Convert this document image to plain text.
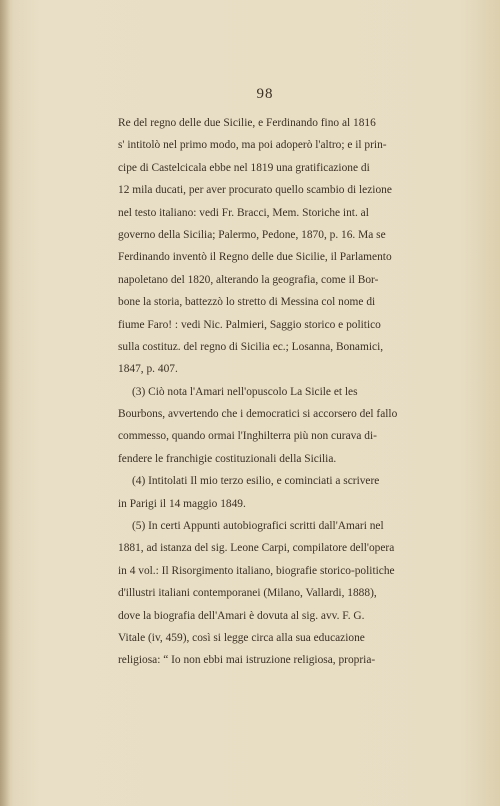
98
Re del regno delle due Sicilie, e Ferdinando fino al 1816
s' intitolò nel primo modo, ma poi adoperò l'altro; e il prin-
cipe di Castelcicala ebbe nel 1819 una gratificazione di
12 mila ducati, per aver procurato quello scambio di lezione
nel testo italiano: vedi Fr. Bracci, Mem. Storiche int. al
governo della Sicilia; Palermo, Pedone, 1870, p. 16. Ma se
Ferdinando inventò il Regno delle due Sicilie, il Parlamento
napoletano del 1820, alterando la geografia, come il Bor-
bone la storia, battezzò lo stretto di Messina col nome di
fiume Faro! : vedi Nic. Palmieri, Saggio storico e politico
sulla costituz. del regno di Sicilia ec.; Losanna, Bonamici,
1847, p. 407.
(3) Ciò nota l'Amari nell'opuscolo La Sicile et les
Bourbons, avvertendo che i democratici si accorsero del fallo
commesso, quando ormai l'Inghilterra più non curava di-
fendere le franchigie costituzionali della Sicilia.
(4) Intitolati Il mio terzo esilio, e cominciati a scrivere
in Parigi il 14 maggio 1849.
(5) In certi Appunti autobiografici scritti dall'Amari nel
1881, ad istanza del sig. Leone Carpi, compilatore dell'opera
in 4 vol.: Il Risorgimento italiano, biografie storico-politiche
d'illustri italiani contemporanei (Milano, Vallardi, 1888),
dove la biografia dell'Amari è dovuta al sig. avv. F. G.
Vitale (iv, 459), così si legge circa alla sua educazione
religiosa: “ Io non ebbi mai istruzione religiosa, propria-
